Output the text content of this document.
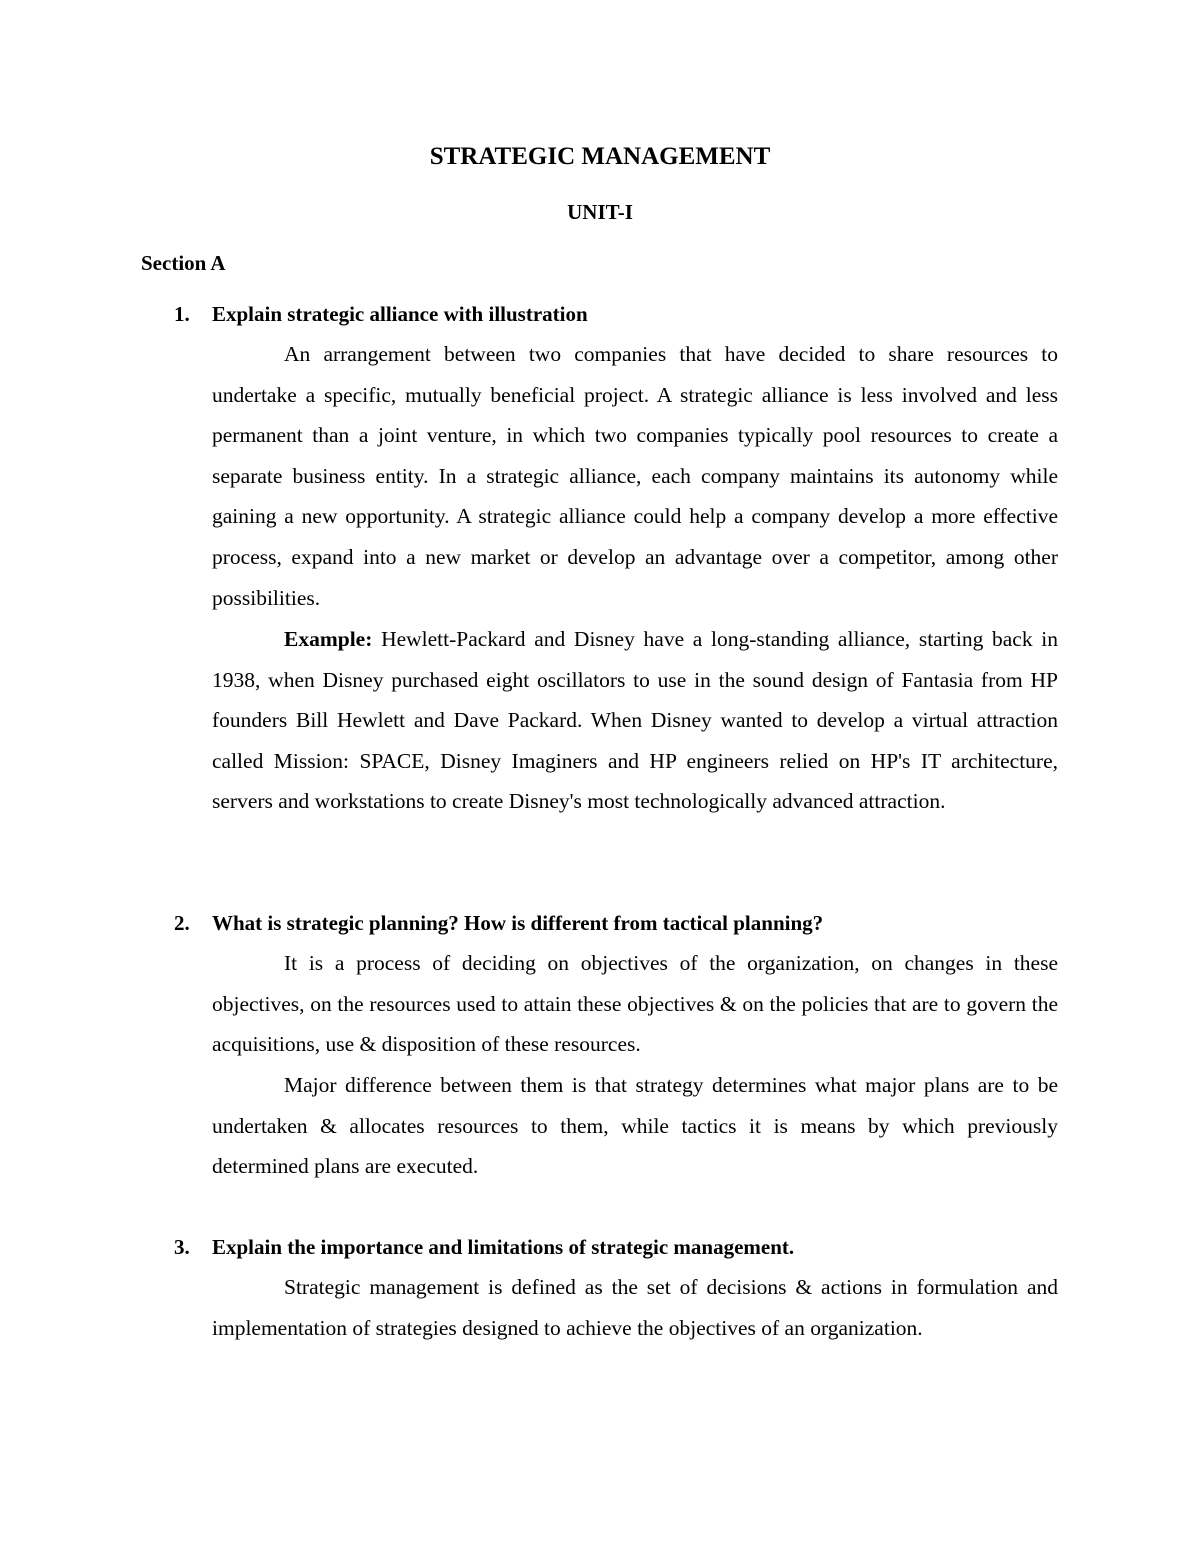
STRATEGIC MANAGEMENT
UNIT-I
Section A
1. Explain strategic alliance with illustration

An arrangement between two companies that have decided to share resources to undertake a specific, mutually beneficial project. A strategic alliance is less involved and less permanent than a joint venture, in which two companies typically pool resources to create a separate business entity. In a strategic alliance, each company maintains its autonomy while gaining a new opportunity. A strategic alliance could help a company develop a more effective process, expand into a new market or develop an advantage over a competitor, among other possibilities.

Example: Hewlett-Packard and Disney have a long-standing alliance, starting back in 1938, when Disney purchased eight oscillators to use in the sound design of Fantasia from HP founders Bill Hewlett and Dave Packard. When Disney wanted to develop a virtual attraction called Mission: SPACE, Disney Imaginers and HP engineers relied on HP's IT architecture, servers and workstations to create Disney's most technologically advanced attraction.

2. What is strategic planning? How is different from tactical planning?

It is a process of deciding on objectives of the organization, on changes in these objectives, on the resources used to attain these objectives & on the policies that are to govern the acquisitions, use & disposition of these resources.

Major difference between them is that strategy determines what major plans are to be undertaken & allocates resources to them, while tactics it is means by which previously determined plans are executed.

3. Explain the importance and limitations of strategic management.

Strategic management is defined as the set of decisions & actions in formulation and implementation of strategies designed to achieve the objectives of an organization.
